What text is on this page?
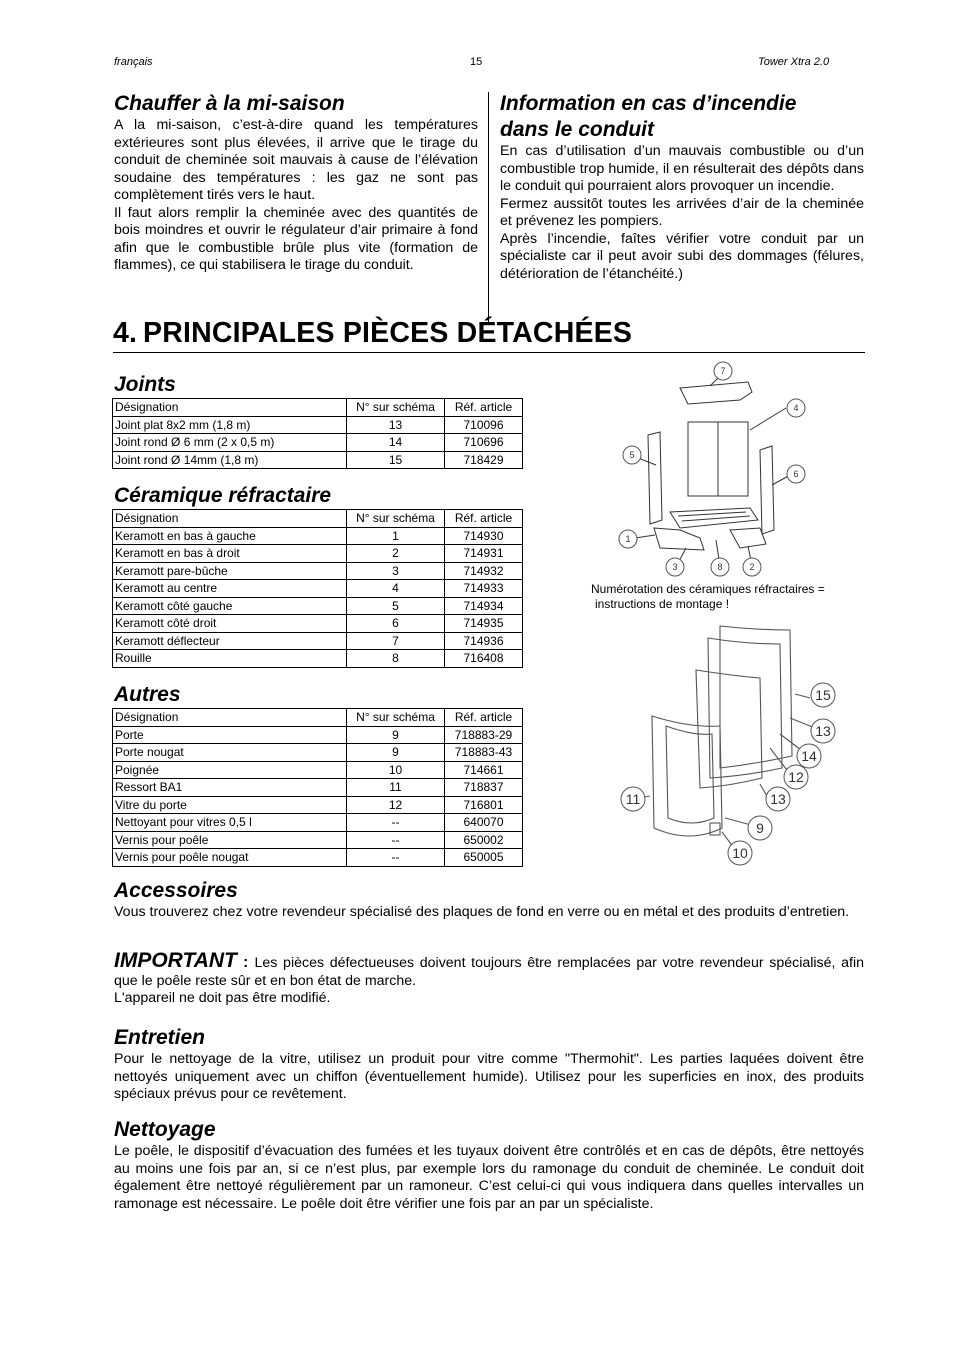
français	15	Tower Xtra 2.0
Chauffer à la mi-saison

A la mi-saison, c’est-à-dire quand les températures extérieures sont plus élevées, il arrive que le tirage du conduit de cheminée soit mauvais à cause de l’élévation soudaine des températures : les gaz ne sont pas complètement tirés vers le haut.

Il faut alors remplir la cheminée avec des quantités de bois moindres et ouvrir le régulateur d’air primaire à fond afin que le combustible brûle plus vite (formation de flammes), ce qui stabilisera le tirage du conduit.

Information en cas d’incendie
dans le conduit

En cas d’utilisation d’un mauvais combustible ou d’un combustible trop humide, il en résulterait des dépôts dans le conduit qui pourraient alors provoquer un incendie.

Fermez aussitôt toutes les arrivées d’air de la cheminée et prévenez les pompiers.

Après l’incendie, faîtes vérifier votre conduit par un spécialiste car il peut avoir subi des dommages (félures, détérioration de l’étanchéité.)

4. PRINCIPALES PIÈCES DÉTACHÉES
Joints
Désignation	N° sur schéma	Réf. article
Joint plat 8x2 mm (1,8 m)	13	710096
Joint rond Ø 6 mm (2 x 0,5 m)	14	710696
Joint rond Ø 14mm (1,8 m)	15	718429
Céramique réfractaire
Désignation	N° sur schéma	Réf. article
Keramott en bas à gauche	1	714930
Keramott en bas à droit	2	714931
Keramott pare-bûche	3	714932
Keramott au centre	4	714933
Keramott côté gauche	5	714934
Keramott côté droit	6	714935
Keramott déflecteur	7	714936
Rouille	8	716408
Autres
Désignation	N° sur schéma	Réf. article
Porte	9	718883-29
Porte nougat	9	718883-43
Poignée	10	714661
Ressort BA1	11	718837
Vitre du porte	12	716801
Nettoyant pour vitres 0,5 l	--	640070
Vernis pour poêle	--	650002
Vernis pour poêle nougat	--	650005
7
4
5
6
1
3	8	2
Numérotation des céramiques réfractaires =
instructions de montage !
15
13
14
12
11	13
9
10
Accessoires

Vous trouverez chez votre revendeur spécialisé des plaques de fond en verre ou en métal et des produits d’entretien.

IMPORTANT : Les pièces défectueuses doivent toujours être remplacées par votre revendeur spécialisé, afin que le poêle reste sûr et en bon état de marche.

L'appareil ne doit pas être modifié.

Entretien

Pour le nettoyage de la vitre, utilisez un produit pour vitre comme "Thermohit". Les parties laquées doivent être nettoyés uniquement avec un chiffon (éventuellement humide). Utilisez pour les superficies en inox, des produits spéciaux prévus pour ce revêtement.

Nettoyage

Le poêle, le dispositif d’évacuation des fumées et les tuyaux doivent être contrôlés et en cas de dépôts, être nettoyés au moins une fois par an, si ce n’est plus, par exemple lors du ramonage du conduit de cheminée. Le conduit doit également être nettoyé régulièrement par un ramoneur. C’est celui-ci qui vous indiquera dans quelles intervalles un ramonage est nécessaire. Le poêle doit être vérifier une fois par an par un spécialiste.
